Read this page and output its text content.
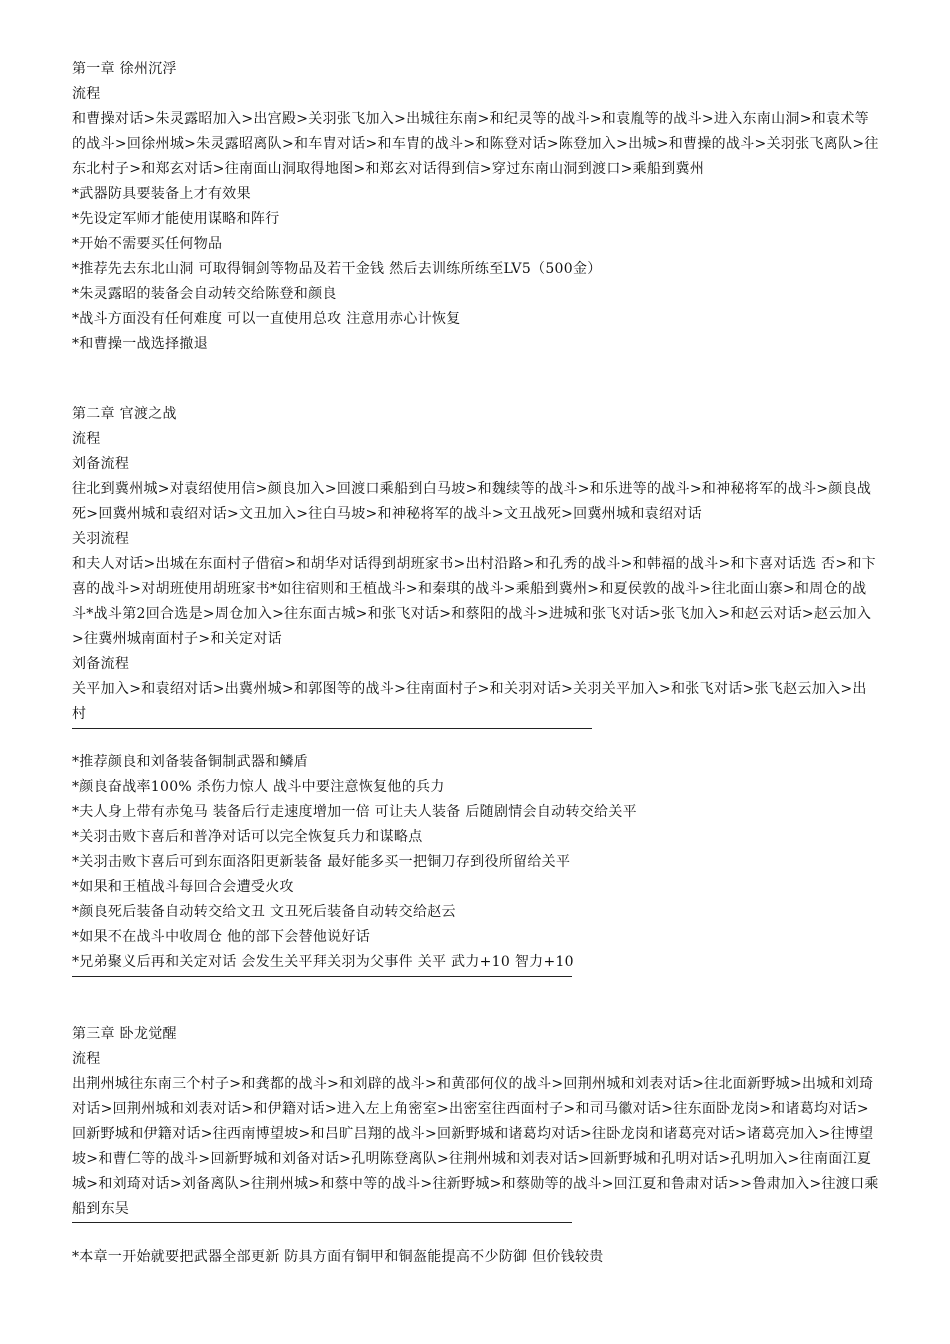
第一章 徐州沉浮

流程

和曹操对话>朱灵露昭加入>出宫殿>关羽张飞加入>出城往东南>和纪灵等的战斗>和袁胤等的战斗>进入东南山洞>和袁术等的战斗>回徐州城>朱灵露昭离队>和车胄对话>和车胄的战斗>和陈登对话>陈登加入>出城>和曹操的战斗>关羽张飞离队>往东北村子>和郑玄对话>往南面山洞取得地图>和郑玄对话得到信>穿过东南山洞到渡口>乘船到冀州

*武器防具要装备上才有效果

*先设定军师才能使用谋略和阵行

*开始不需要买任何物品

*推荐先去东北山洞 可取得铜剑等物品及若干金钱 然后去训练所练至LV5（500金）

*朱灵露昭的装备会自动转交给陈登和颜良

*战斗方面没有任何难度 可以一直使用总攻 注意用赤心计恢复

*和曹操一战选择撤退

第二章 官渡之战

流程

刘备流程

往北到冀州城>对袁绍使用信>颜良加入>回渡口乘船到白马坡>和魏续等的战斗>和乐进等的战斗>和神秘将军的战斗>颜良战死>回冀州城和袁绍对话>文丑加入>往白马坡>和神秘将军的战斗>文丑战死>回冀州城和袁绍对话

关羽流程

和夫人对话>出城在东面村子借宿>和胡华对话得到胡班家书>出村沿路>和孔秀的战斗>和韩福的战斗>和卞喜对话选 否>和卞喜的战斗>对胡班使用胡班家书*如往宿则和王植战斗>和秦琪的战斗>乘船到冀州>和夏侯敦的战斗>往北面山寨>和周仓的战斗*战斗第2回合选是>周仓加入>往东面古城>和张飞对话>和蔡阳的战斗>进城和张飞对话>张飞加入>和赵云对话>赵云加入>往冀州城南面村子>和关定对话

刘备流程

关平加入>和袁绍对话>出冀州城>和郭图等的战斗>往南面村子>和关羽对话>关羽关平加入>和张飞对话>张飞赵云加入>出村

*推荐颜良和刘备装备铜制武器和鳞盾

*颜良奋战率100% 杀伤力惊人 战斗中要注意恢复他的兵力

*夫人身上带有赤兔马 装备后行走速度增加一倍 可让夫人装备 后随剧情会自动转交给关平

*关羽击败卞喜后和普净对话可以完全恢复兵力和谋略点

*关羽击败卞喜后可到东面洛阳更新装备 最好能多买一把铜刀存到役所留给关平

*如果和王植战斗每回合会遭受火攻

*颜良死后装备自动转交给文丑 文丑死后装备自动转交给赵云

*如果不在战斗中收周仓 他的部下会替他说好话

*兄弟聚义后再和关定对话 会发生关平拜关羽为父事件 关平 武力+10 智力+10

第三章 卧龙觉醒

流程

出荆州城往东南三个村子>和龚都的战斗>和刘辟的战斗>和黄邵何仪的战斗>回荆州城和刘表对话>往北面新野城>出城和刘琦对话>回荆州城和刘表对话>和伊籍对话>进入左上角密室>出密室往西面村子>和司马徽对话>往东面卧龙岗>和诸葛均对话>回新野城和伊籍对话>往西南博望坡>和吕旷吕翔的战斗>回新野城和诸葛均对话>往卧龙岗和诸葛亮对话>诸葛亮加入>往博望坡>和曹仁等的战斗>回新野城和刘备对话>孔明陈登离队>往荆州城和刘表对话>回新野城和孔明对话>孔明加入>往南面江夏城>和刘琦对话>刘备离队>往荆州城>和蔡中等的战斗>往新野城>和蔡勋等的战斗>回江夏和鲁肃对话>>鲁肃加入>往渡口乘船到东吴

*本章一开始就要把武器全部更新 防具方面有铜甲和铜盔能提高不少防御 但价钱较贵
